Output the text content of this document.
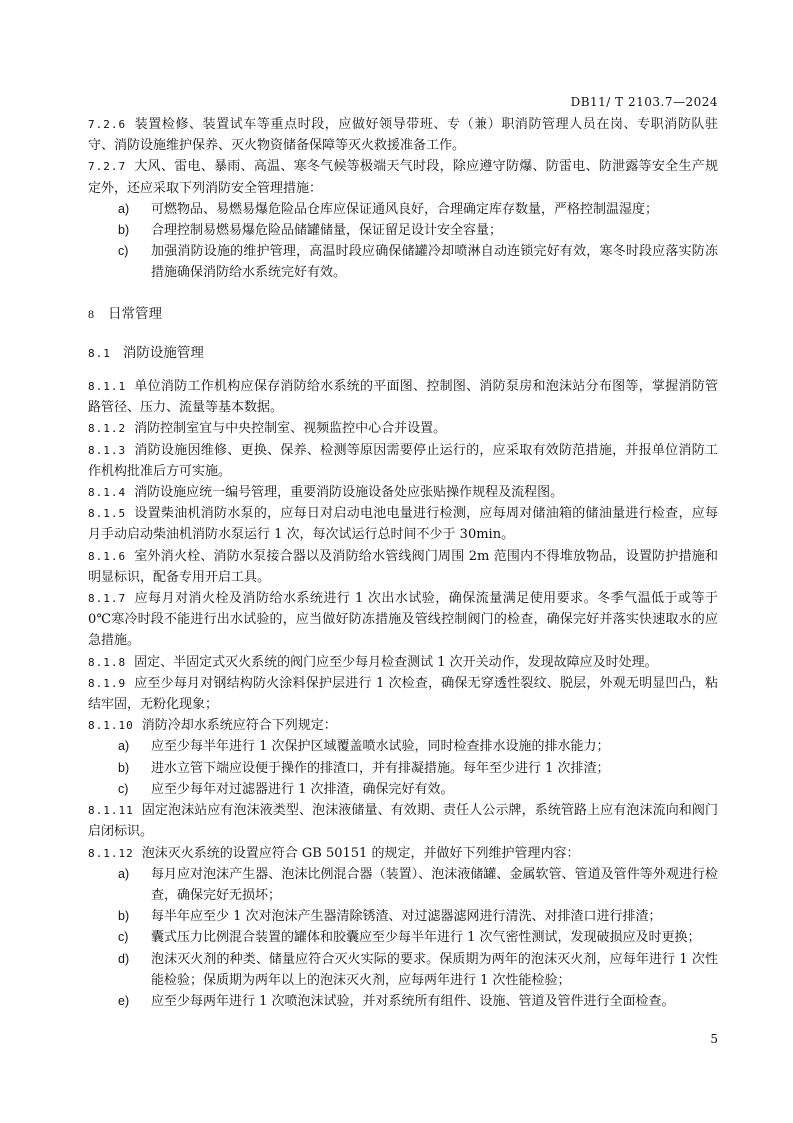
DB11/ T 2103.7—2024

7.2.6 装置检修、装置试车等重点时段，应做好领导带班、专（兼）职消防管理人员在岗、专职消防队驻守、消防设施维护保养、灭火物资储备保障等灭火救援准备工作。

7.2.7 大风、雷电、暴雨、高温、寒冬气候等极端天气时段，除应遵守防爆、防雷电、防泄露等安全生产规定外，还应采取下列消防安全管理措施：

a)	可燃物品、易燃易爆危险品仓库应保证通风良好，合理确定库存数量，严格控制温湿度；
b)	合理控制易燃易爆危险品储罐储量，保证留足设计安全容量；
c)	加强消防设施的维护管理，高温时段应确保储罐冷却喷淋自动连锁完好有效，寒冬时段应落实防冻措施确保消防给水系统完好有效。

8 日常管理

8.1 消防设施管理

8.1.1 单位消防工作机构应保存消防给水系统的平面图、控制图、消防泵房和泡沫站分布图等，掌握消防管路管径、压力、流量等基本数据。

8.1.2 消防控制室宜与中央控制室、视频监控中心合并设置。

8.1.3 消防设施因维修、更换、保养、检测等原因需要停止运行的，应采取有效防范措施，并报单位消防工作机构批准后方可实施。

8.1.4 消防设施应统一编号管理，重要消防设施设备处应张贴操作规程及流程图。

8.1.5 设置柴油机消防水泵的，应每日对启动电池电量进行检测，应每周对储油箱的储油量进行检查，应每月手动启动柴油机消防水泵运行 1 次，每次试运行总时间不少于 30min。

8.1.6 室外消火栓、消防水泵接合器以及消防给水管线阀门周围 2m 范围内不得堆放物品，设置防护措施和明显标识，配备专用开启工具。

8.1.7 应每月对消火栓及消防给水系统进行 1 次出水试验，确保流量满足使用要求。冬季气温低于或等于 0℃寒冷时段不能进行出水试验的，应当做好防冻措施及管线控制阀门的检查，确保完好并落实快速取水的应急措施。

8.1.8 固定、半固定式灭火系统的阀门应至少每月检查测试 1 次开关动作，发现故障应及时处理。

8.1.9 应至少每月对钢结构防火涂料保护层进行 1 次检查，确保无穿透性裂纹、脱层，外观无明显凹凸，粘结牢固，无粉化现象；

8.1.10 消防冷却水系统应符合下列规定：

a)	应至少每半年进行 1 次保护区域覆盖喷水试验，同时检查排水设施的排水能力；
b)	进水立管下端应设便于操作的排渣口，并有排凝措施。每年至少进行 1 次排渣；
c)	应至少每年对过滤器进行 1 次排渣，确保完好有效。

8.1.11 固定泡沫站应有泡沫液类型、泡沫液储量、有效期、责任人公示牌，系统管路上应有泡沫流向和阀门启闭标识。

8.1.12 泡沫灭火系统的设置应符合 GB 50151 的规定，并做好下列维护管理内容：

a)	每月应对泡沫产生器、泡沫比例混合器（装置）、泡沫液储罐、金属软管、管道及管件等外观进行检查，确保完好无损坏；
b)	每半年应至少 1 次对泡沫产生器清除锈渣、对过滤器滤网进行清洗、对排渣口进行排渣；
c)	囊式压力比例混合装置的罐体和胶囊应至少每半年进行 1 次气密性测试，发现破损应及时更换；
d)	泡沫灭火剂的种类、储量应符合灭火实际的要求。保质期为两年的泡沫灭火剂，应每年进行 1 次性能检验；保质期为两年以上的泡沫灭火剂，应每两年进行 1 次性能检验；
e)	应至少每两年进行 1 次喷泡沫试验，并对系统所有组件、设施、管道及管件进行全面检查。
5
